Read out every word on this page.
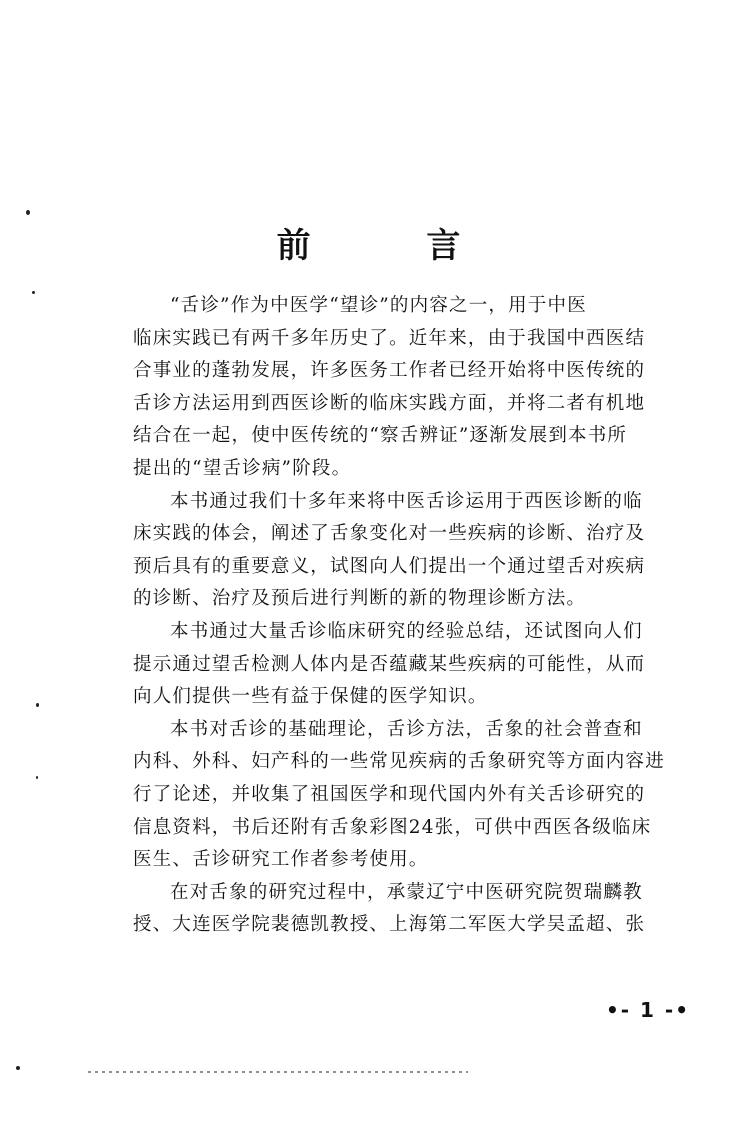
前 言

“舌诊”作为中医学“望诊”的内容之一，用于中医
临床实践已有两千多年历史了。近年来，由于我国中西医结
合事业的蓬勃发展，许多医务工作者已经开始将中医传统的
舌诊方法运用到西医诊断的临床实践方面，并将二者有机地
结合在一起，使中医传统的“察舌辨证”逐渐发展到本书所
提出的“望舌诊病”阶段。

本书通过我们十多年来将中医舌诊运用于西医诊断的临
床实践的体会，阐述了舌象变化对一些疾病的诊断、治疗及
预后具有的重要意义，试图向人们提出一个通过望舌对疾病
的诊断、治疗及预后进行判断的新的物理诊断方法。

本书通过大量舌诊临床研究的经验总结，还试图向人们
提示通过望舌检测人体内是否蕴藏某些疾病的可能性，从而
向人们提供一些有益于保健的医学知识。

本书对舌诊的基础理论，舌诊方法，舌象的社会普查和
内科、外科、妇产科的一些常见疾病的舌象研究等方面内容进
行了论述，并收集了祖国医学和现代国内外有关舌诊研究的
信息资料，书后还附有舌象彩图24张，可供中西医各级临床
医生、舌诊研究工作者参考使用。

在对舌象的研究过程中，承蒙辽宁中医研究院贺瑞麟教
授、大连医学院裴德凯教授、上海第二军医大学吴孟超、张

•- 1 -•
